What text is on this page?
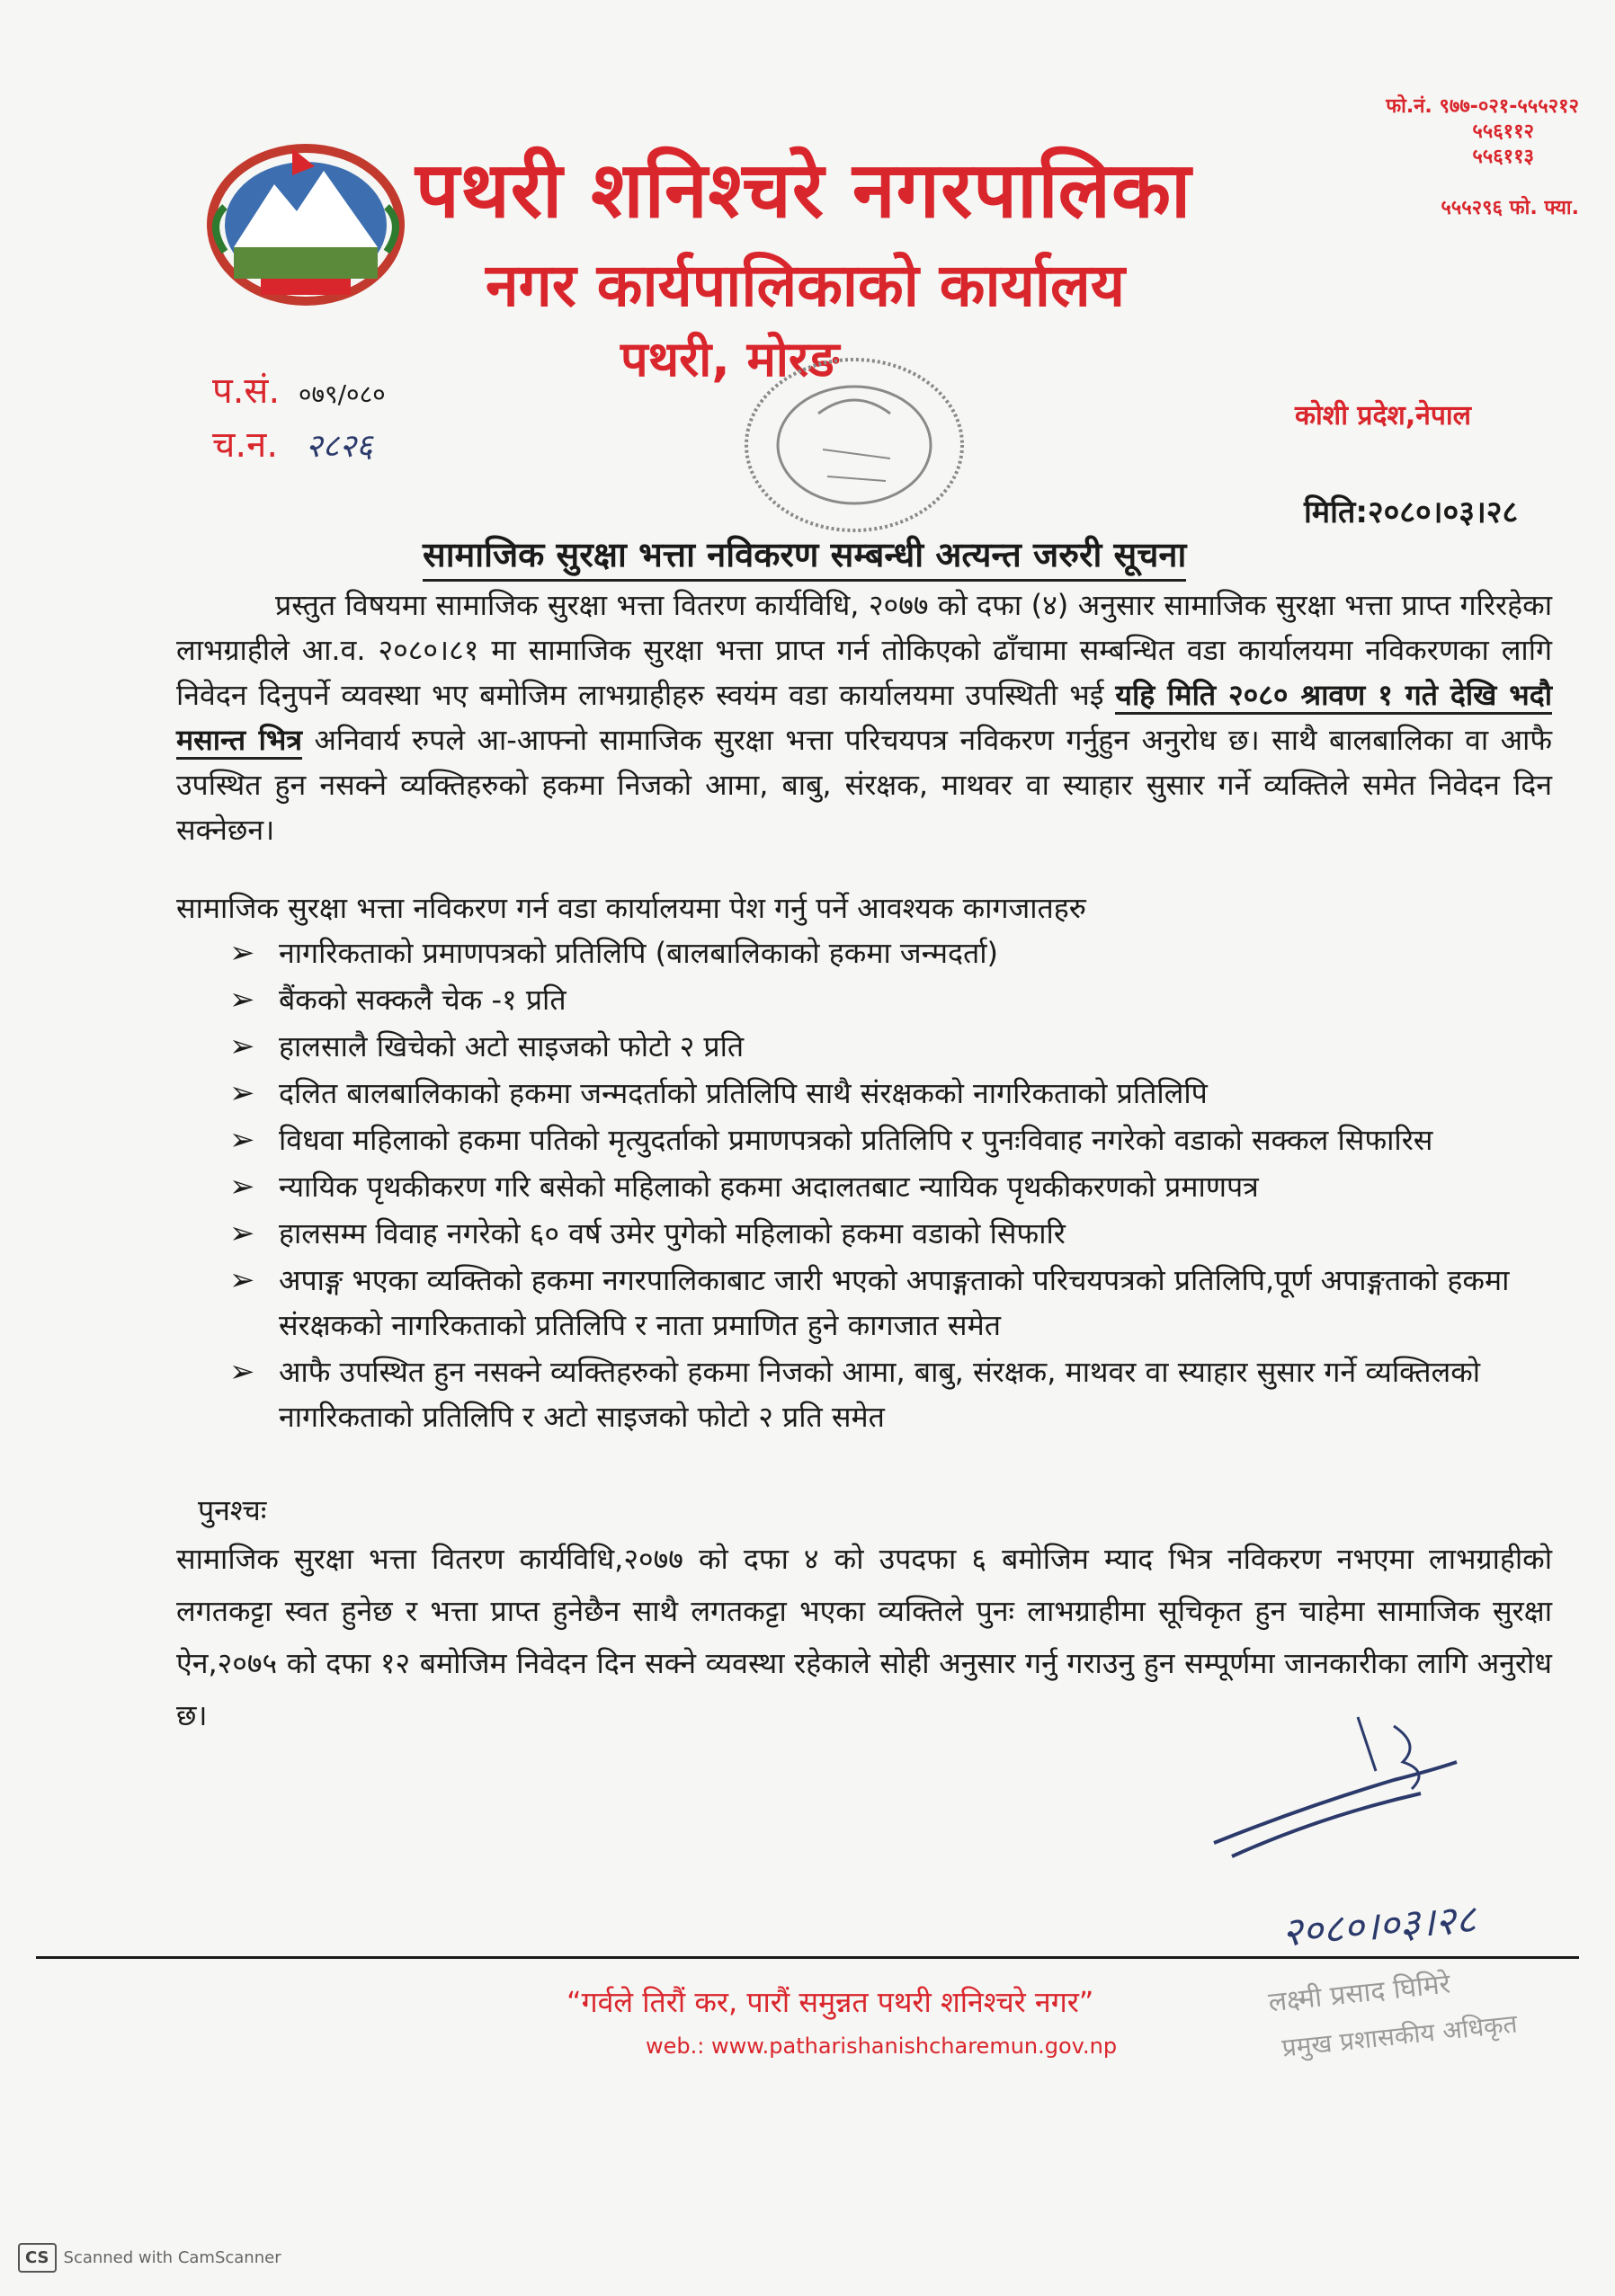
फो.नं. ९७७-०२१-५५५२१२
५५६११२
५५६११३
५५५२९६ फो. फ्या.
पथरी शनिश्चरे नगरपालिका
नगर कार्यपालिकाको कार्यालय
पथरी, मोरङ
प.सं. ०७९/०८०
च.न. २८२६
कोशी प्रदेश,नेपाल
मिति:२०८०।०३।२८
सामाजिक सुरक्षा भत्ता नविकरण सम्बन्धी अत्यन्त जरुरी सूचना
प्रस्तुत विषयमा सामाजिक सुरक्षा भत्ता वितरण कार्यविधि, २०७७ को दफा (४) अनुसार सामाजिक सुरक्षा भत्ता प्राप्त गरिरहेका लाभग्राहीले आ.व. २०८०।८१ मा सामाजिक सुरक्षा भत्ता प्राप्त गर्न तोकिएको ढाँचामा सम्बन्धित वडा कार्यालयमा नविकरणका लागि निवेदन दिनुपर्ने व्यवस्था भए बमोजिम लाभग्राहीहरु स्वयंम वडा कार्यालयमा उपस्थिती भई यहि मिति २०८० श्रावण १ गते देखि भदौ मसान्त भित्र अनिवार्य रुपले आ-आफ्नो सामाजिक सुरक्षा भत्ता परिचयपत्र नविकरण गर्नुहुन अनुरोध छ। साथै बालबालिका वा आफै उपस्थित हुन नसक्ने व्यक्तिहरुको हकमा निजको आमा, बाबु, संरक्षक, माथवर वा स्याहार सुसार गर्ने व्यक्तिले समेत निवेदन दिन सक्नेछन।
सामाजिक सुरक्षा भत्ता नविकरण गर्न वडा कार्यालयमा पेश गर्नु पर्ने आवश्यक कागजातहरु
➢ नागरिकताको प्रमाणपत्रको प्रतिलिपि (बालबालिकाको हकमा जन्मदर्ता)
➢ बैंकको सक्कलै चेक -१ प्रति
➢ हालसालै खिचेको अटो साइजको फोटो २ प्रति
➢ दलित बालबालिकाको हकमा जन्मदर्ताको प्रतिलिपि साथै संरक्षकको नागरिकताको प्रतिलिपि
➢ विधवा महिलाको हकमा पतिको मृत्युदर्ताको प्रमाणपत्रको प्रतिलिपि र पुनःविवाह नगरेको वडाको सक्कल सिफारिस
➢ न्यायिक पृथकीकरण गरि बसेको महिलाको हकमा अदालतबाट न्यायिक पृथकीकरणको प्रमाणपत्र
➢ हालसम्म विवाह नगरेको ६० वर्ष उमेर पुगेको महिलाको हकमा वडाको सिफारि
➢ अपाङ्ग भएका व्यक्तिको हकमा नगरपालिकाबाट जारी भएको अपाङ्गताको परिचयपत्रको प्रतिलिपि,पूर्ण अपाङ्गताको हकमा संरक्षकको नागरिकताको प्रतिलिपि र नाता प्रमाणित हुने कागजात समेत
➢ आफै उपस्थित हुन नसक्ने व्यक्तिहरुको हकमा निजको आमा, बाबु, संरक्षक, माथवर वा स्याहार सुसार गर्ने व्यक्तिलको नागरिकताको प्रतिलिपि र अटो साइजको फोटो २ प्रति समेत
पुनश्चः
सामाजिक सुरक्षा भत्ता वितरण कार्यविधि,२०७७ को दफा ४ को उपदफा ६ बमोजिम म्याद भित्र नविकरण नभएमा लाभग्राहीको लगतकट्टा स्वत हुनेछ र भत्ता प्राप्त हुनेछैन साथै लगतकट्टा भएका व्यक्तिले पुनः लाभग्राहीमा सूचिकृत हुन चाहेमा सामाजिक सुरक्षा ऐन,२०७५ को दफा १२ बमोजिम निवेदन दिन सक्ने व्यवस्था रहेकाले सोही अनुसार गर्नु गराउनु हुन सम्पूर्णमा जानकारीका लागि अनुरोध छ।
२०८०।०३।२८
लक्ष्मी प्रसाद घिमिरे
प्रमुख प्रशासकीय अधिकृत
“गर्वले तिरौं कर, पारौं समुन्नत पथरी शनिश्चरे नगर”
web.: www.patharishanishcharemun.gov.np
CS Scanned with CamScanner
